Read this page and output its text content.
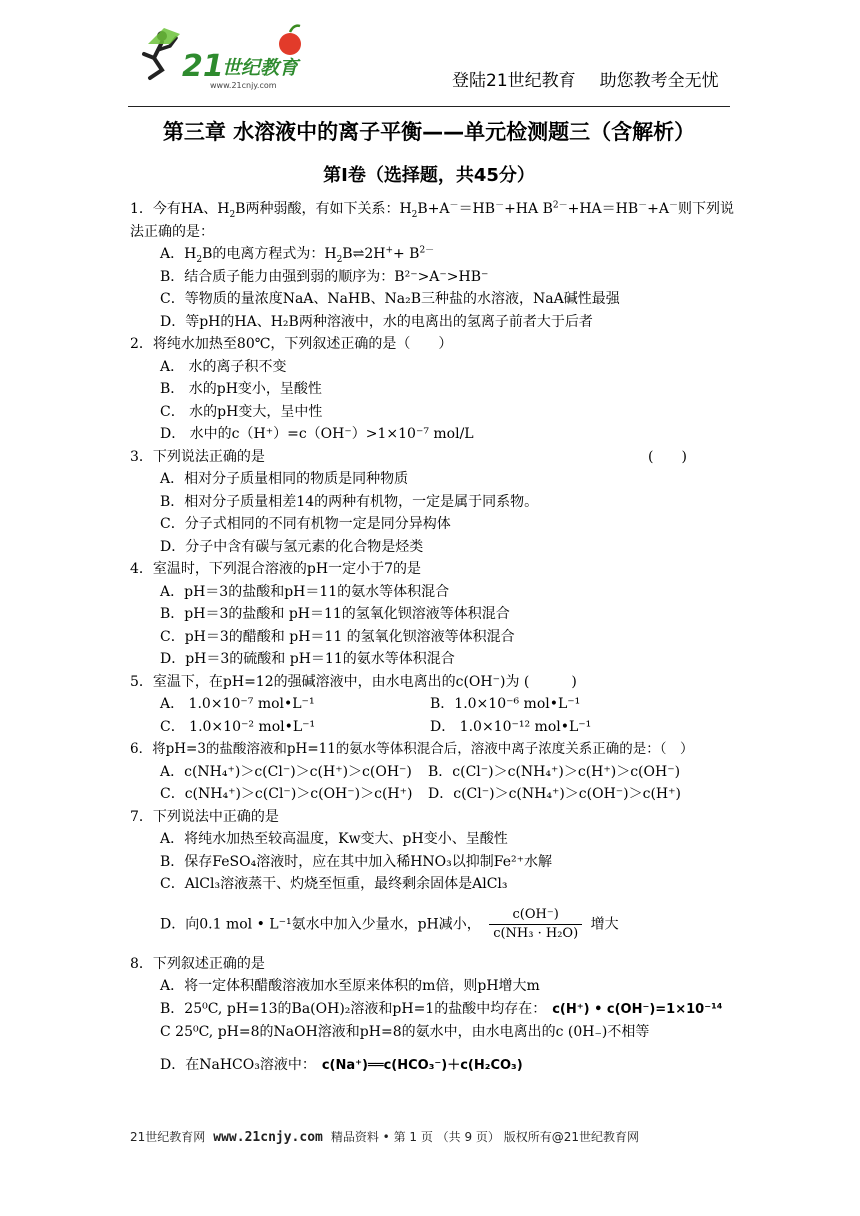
21
世纪教育
www.21cnjy.com	登陆21世纪教育 助您教考全无忧
第三章 水溶液中的离子平衡——单元检测题三（含解析）
第Ⅰ卷（选择题，共45分）

1．今有HA、$H_2B$两种弱酸，有如下关系：$H_2B+A^-=HB^-+HA$ $B^{2-}+HA=HB^-+A^-$则下列说法正确的是：

A．$H_2B$的电离方程式为：$H_2B\rightleftharpoons 2H^++ B^{2-}$

B．结合质子能力由强到弱的顺序为：B²⁻>A⁻>HB⁻

C．等物质的量浓度NaA、NaHB、Na₂B三种盐的水溶液，NaA碱性最强

D．等pH的HA、H₂B两种溶液中，水的电离出的氢离子前者大于后者

2．将纯水加热至80℃，下列叙述正确的是（　　）

A． 水的离子积不变

B． 水的pH变小，呈酸性

C． 水的pH变大，呈中性

D． 水中的c（H⁺）=c（OH⁻）>1×10⁻⁷ mol/L

3．下列说法正确的是	(　　)

A．相对分子质量相同的物质是同种物质

B．相对分子质量相差14的两种有机物，一定是属于同系物。

C．分子式相同的不同有机物一定是同分异构体

D．分子中含有碳与氢元素的化合物是烃类

4．室温时，下列混合溶液的pH一定小于7的是

A．pH＝3的盐酸和pH＝11的氨水等体积混合

B．pH＝3的盐酸和 pH＝11的氢氧化钡溶液等体积混合

C．pH＝3的醋酸和 pH＝11 的氢氧化钡溶液等体积混合

D．pH＝3的硫酸和 pH＝11的氨水等体积混合

5．室温下，在pH=12的强碱溶液中，由水电离出的c(OH⁻)为 (　　　)

A． 1.0×10⁻⁷ mol•L⁻¹	B．1.0×10⁻⁶ mol•L⁻¹
C． 1.0×10⁻² mol•L⁻¹	D． 1.0×10⁻¹² mol•L⁻¹

6．将pH=3的盐酸溶液和pH=11的氨水等体积混合后，溶液中离子浓度关系正确的是：（　）

A．c(NH₄⁺)＞c(Cl⁻)＞c(H⁺)＞c(OH⁻)	B．c(Cl⁻)＞c(NH₄⁺)＞c(H⁺)＞c(OH⁻)
C．c(NH₄⁺)＞c(Cl⁻)＞c(OH⁻)＞c(H⁺)	D．c(Cl⁻)＞c(NH₄⁺)＞c(OH⁻)＞c(H⁺)

7．下列说法中正确的是

A．将纯水加热至较高温度，Kw变大、pH变小、呈酸性

B．保存FeSO₄溶液时，应在其中加入稀HNO₃以抑制Fe²⁺水解

C．AlCl₃溶液蒸干、灼烧至恒重，最终剩余固体是AlCl₃

D．向0.1 mol • L⁻¹氨水中加入少量水，pH减小， $\frac{c(OH^-)}{\text{c(NH₃ · H₂O)}}$ 增大

8．下列叙述正确的是

A．将一定体积醋酸溶液加水至原来体积的m倍，则pH增大m

B．25⁰C, pH=13的Ba(OH)₂溶液和pH=1的盐酸中均存在： c(H⁺) • c(OH⁻)=1×10⁻¹⁴

C 25⁰C, pH=8的NaOH溶液和pH=8的氨水中，由水电离出的c (0H₋)不相等

D．在NaHCO₃溶液中： c(Na⁺)══c(HCO₃⁻)＋c(H₂CO₃)

21世纪教育网 www.21cnjy.com 精品资料 • 第 1 页 （共 9 页） 版权所有@21世纪教育网
